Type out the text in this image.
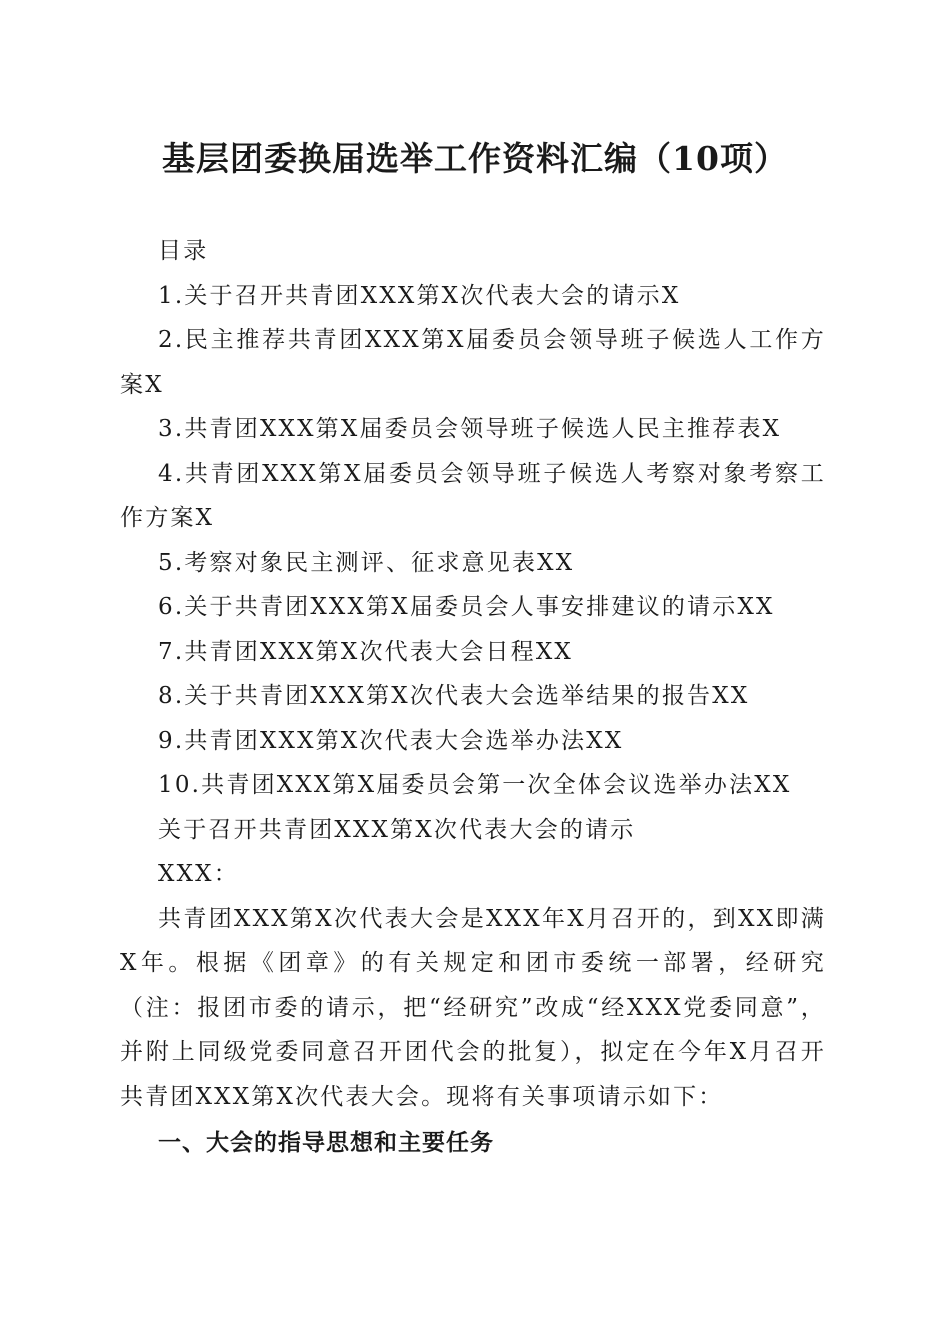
基层团委换届选举工作资料汇编（10项）

目录

1.关于召开共青团XXX第X次代表大会的请示X

2.民主推荐共青团XXX第X届委员会领导班子候选人工作方案X

3.共青团XXX第X届委员会领导班子候选人民主推荐表X

4.共青团XXX第X届委员会领导班子候选人考察对象考察工作方案X

5.考察对象民主测评、征求意见表XX

6.关于共青团XXX第X届委员会人事安排建议的请示XX

7.共青团XXX第X次代表大会日程XX

8.关于共青团XXX第X次代表大会选举结果的报告XX

9.共青团XXX第X次代表大会选举办法XX

10.共青团XXX第X届委员会第一次全体会议选举办法XX

关于召开共青团XXX第X次代表大会的请示

XXX：

共青团XXX第X次代表大会是XXX年X月召开的，到XX即满X年。根据《团章》的有关规定和团市委统一部署，经研究（注：报团市委的请示，把“经研究”改成“经XXX党委同意”，并附上同级党委同意召开团代会的批复），拟定在今年X月召开共青团XXX第X次代表大会。现将有关事项请示如下：

一、大会的指导思想和主要任务
